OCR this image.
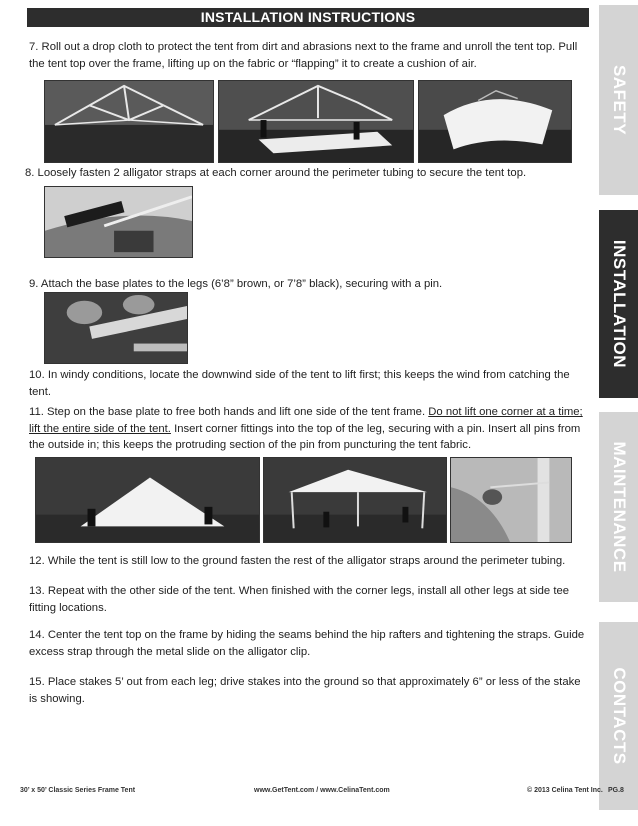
INSTALLATION INSTRUCTIONS
7. Roll out a drop cloth to protect the tent from dirt and abrasions next to the frame and unroll the tent top. Pull the tent top over the frame, lifting up on the fabric or “flapping” it to create a cushion of air.
8. Loosely fasten 2 alligator straps at each corner around the perimeter tubing to secure the tent top.
9. Attach the base plates to the legs (6’8” brown, or 7’8” black), securing with a pin.
10. In windy conditions, locate the downwind side of the tent to lift first; this keeps the wind from catching the tent.
11. Step on the base plate to free both hands and lift one side of the tent frame. Do not lift one corner at a time; lift the entire side of the tent. Insert corner fittings into the top of the leg, securing with a pin. Insert all pins from the outside in; this keeps the protruding section of the pin from puncturing the tent fabric.
12. While the tent is still low to the ground fasten the rest of the alligator straps around the perimeter tubing.
13. Repeat with the other side of the tent. When finished with the corner legs, install all other legs at side tee fitting locations.
14. Center the tent top on the frame by hiding the seams behind the hip rafters and tightening the straps. Guide excess strap through the metal slide on the alligator clip.
15. Place stakes 5’ out from each leg; drive stakes into the ground so that approximately 6” or less of the stake is showing.
SAFETY
INSTALLATION
MAINTENANCE
CONTACTS
30’ x 50’ Classic Series Frame Tent	www.GetTent.com / www.CelinaTent.com	© 2013 Celina Tent Inc. PG.8
